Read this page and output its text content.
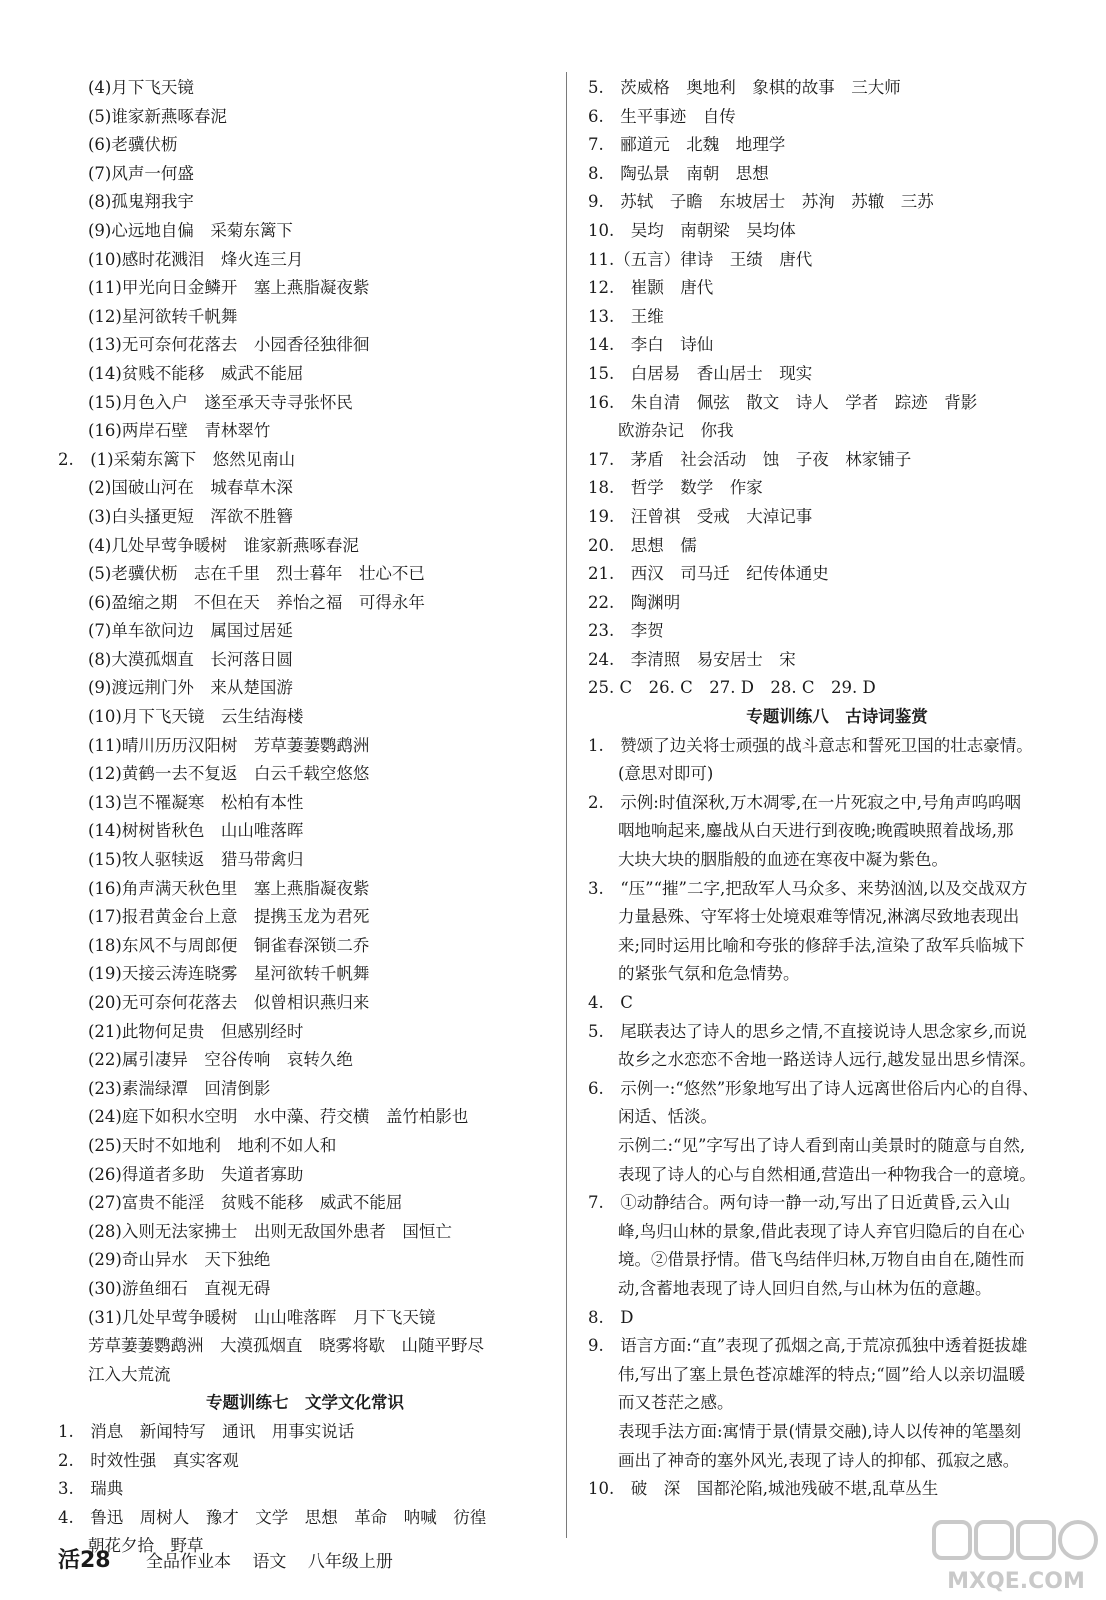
(4)月下飞天镜
(5)谁家新燕啄春泥
(6)老骥伏枥
(7)风声一何盛
(8)孤鬼翔我宇
(9)心远地自偏　采菊东篱下
(10)感时花溅泪　烽火连三月
(11)甲光向日金鳞开　塞上燕脂凝夜紫
(12)星河欲转千帆舞
(13)无可奈何花落去　小园香径独徘徊
(14)贫贱不能移　威武不能屈
(15)月色入户　遂至承天寺寻张怀民
(16)两岸石壁　青林翠竹
2.　(1)采菊东篱下　悠然见南山
(2)国破山河在　城春草木深
(3)白头搔更短　浑欲不胜簪
(4)几处早莺争暖树　谁家新燕啄春泥
(5)老骥伏枥　志在千里　烈士暮年　壮心不已
(6)盈缩之期　不但在天　养怡之福　可得永年
(7)单车欲问边　属国过居延
(8)大漠孤烟直　长河落日圆
(9)渡远荆门外　来从楚国游
(10)月下飞天镜　云生结海楼
(11)晴川历历汉阳树　芳草萋萋鹦鹉洲
(12)黄鹤一去不复返　白云千载空悠悠
(13)岂不罹凝寒　松柏有本性
(14)树树皆秋色　山山唯落晖
(15)牧人驱犊返　猎马带禽归
(16)角声满天秋色里　塞上燕脂凝夜紫
(17)报君黄金台上意　提携玉龙为君死
(18)东风不与周郎便　铜雀春深锁二乔
(19)天接云涛连晓雾　星河欲转千帆舞
(20)无可奈何花落去　似曾相识燕归来
(21)此物何足贵　但感别经时
(22)属引凄异　空谷传响　哀转久绝
(23)素湍绿潭　回清倒影
(24)庭下如积水空明　水中藻、荇交横　盖竹柏影也
(25)天时不如地利　地利不如人和
(26)得道者多助　失道者寡助
(27)富贵不能淫　贫贱不能移　威武不能屈
(28)入则无法家拂士　出则无敌国外患者　国恒亡
(29)奇山异水　天下独绝
(30)游鱼细石　直视无碍
(31)几处早莺争暖树　山山唯落晖　月下飞天镜
芳草萋萋鹦鹉洲　大漠孤烟直　晓雾将歇　山随平野尽
江入大荒流
专题训练七　文学文化常识
1.　消息　新闻特写　通讯　用事实说话
2.　时效性强　真实客观
3.　瑞典
4.　鲁迅　周树人　豫才　文学　思想　革命　呐喊　彷徨
朝花夕拾　野草
5.　茨威格　奥地利　象棋的故事　三大师
6.　生平事迹　自传
7.　郦道元　北魏　地理学
8.　陶弘景　南朝　思想
9.　苏轼　子瞻　东坡居士　苏洵　苏辙　三苏
10.　吴均　南朝梁　吴均体
11.（五言）律诗　王绩　唐代
12.　崔颢　唐代
13.　王维
14.　李白　诗仙
15.　白居易　香山居士　现实
16.　朱自清　佩弦　散文　诗人　学者　踪迹　背影
欧游杂记　你我
17.　茅盾　社会活动　蚀　子夜　林家铺子
18.　哲学　数学　作家
19.　汪曾祺　受戒　大淖记事
20.　思想　儒
21.　西汉　司马迁　纪传体通史
22.　陶渊明
23.　李贺
24.　李清照　易安居士　宋
25. C　26. C　27. D　28. C　29. D
专题训练八　古诗词鉴赏
1.　赞颂了边关将士顽强的战斗意志和誓死卫国的壮志豪情。
(意思对即可)
2.　示例:时值深秋,万木凋零,在一片死寂之中,号角声呜呜咽
咽地响起来,鏖战从白天进行到夜晚;晚霞映照着战场,那
大块大块的胭脂般的血迹在寒夜中凝为紫色。
3.　“压”“摧”二字,把敌军人马众多、来势汹汹,以及交战双方
力量悬殊、守军将士处境艰难等情况,淋漓尽致地表现出
来;同时运用比喻和夸张的修辞手法,渲染了敌军兵临城下
的紧张气氛和危急情势。
4.　C
5.　尾联表达了诗人的思乡之情,不直接说诗人思念家乡,而说
故乡之水恋恋不舍地一路送诗人远行,越发显出思乡情深。
6.　示例一:“悠然”形象地写出了诗人远离世俗后内心的自得、
闲适、恬淡。
示例二:“见”字写出了诗人看到南山美景时的随意与自然,
表现了诗人的心与自然相通,营造出一种物我合一的意境。
7.　①动静结合。两句诗一静一动,写出了日近黄昏,云入山
峰,鸟归山林的景象,借此表现了诗人弃官归隐后的自在心
境。②借景抒情。借飞鸟结伴归林,万物自由自在,随性而
动,含蓄地表现了诗人回归自然,与山林为伍的意趣。
8.　D
9.　语言方面:“直”表现了孤烟之高,于荒凉孤独中透着挺拔雄
伟,写出了塞上景色苍凉雄浑的特点;“圆”给人以亲切温暖
而又苍茫之感。
表现手法方面:寓情于景(情景交融),诗人以传神的笔墨刻
画出了神奇的塞外风光,表现了诗人的抑郁、孤寂之感。
10.　破　深　国都沦陷,城池残破不堪,乱草丛生
活28 全品作业本 语文 八年级上册
MXQE.COM
